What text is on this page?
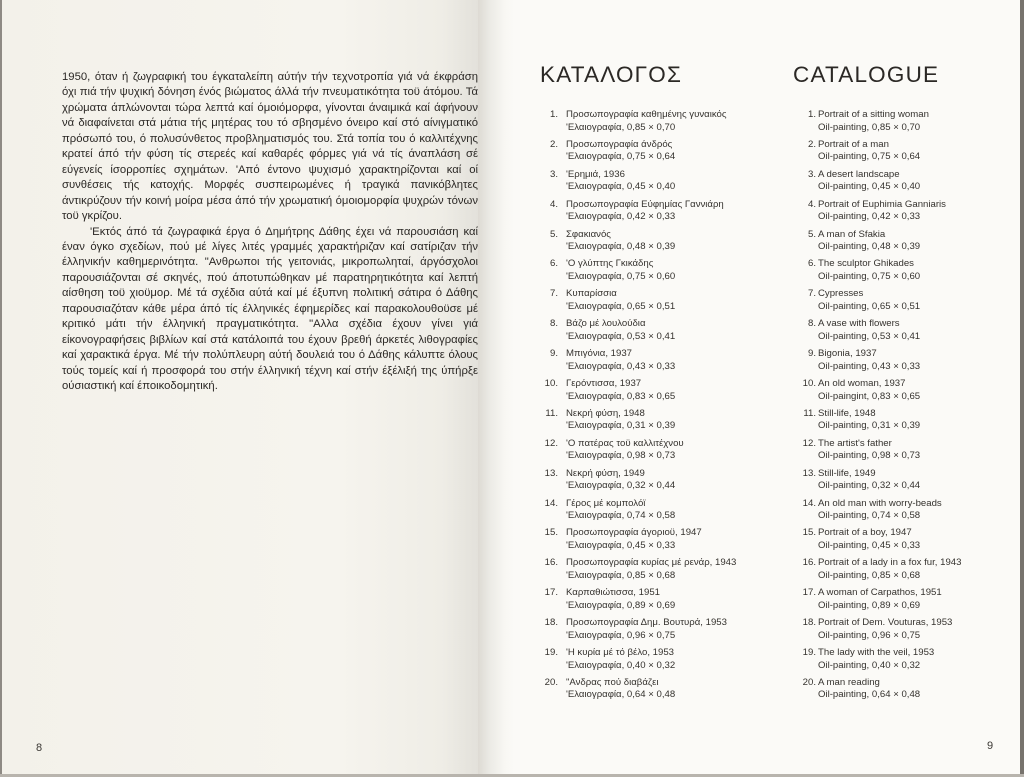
1950, όταν ή ζωγραφική του έγκαταλείπη αύτήν τήν τεχνοτροπία γιά νά έκφράση όχι πιά τήν ψυχική δόνηση ένός βιώματος άλλά τήν πνευματικότητα τοϋ άτόμου. Τά χρώματα άπλώνονται τώρα λεπτά καί όμοιόμορφα, γίνονται άναιμικά καί άφήνουν νά διαφαίνεται στά μάτια τής μητέρας του τό σβησμένο όνειρο καί στό αίνιγματικό πρόσωπό του, ό πολυσύνθετος προβληματισμός του. Στά τοπία του ό καλλιτέχνης κρατεί άπό τήν φύση τίς στερεές καί καθαρές φόρμες γιά νά τίς άναπλάση σέ εύγενείς ίσορροπίες σχημάτων. 'Από έντονο ψυχισμό χαρακτηρίζονται καί οί συνθέσεις τής κατοχής. Μορφές συσπειρωμένες ή τραγικά πανικόβλητες άντικρύζουν τήν κοινή μοίρα μέσα άπό τήν χρωματική όμοιομορφία ψυχρών τόνων τοϋ γκρίζου.

'Εκτός άπό τά ζωγραφικά έργα ό Δημήτρης Δάθης έχει νά παρουσιάση καί έναν όγκο σχεδίων, πού μέ λίγες λιτές γραμμές χαρακτήριζαν καί σατίριζαν τήν έλληνικήν καθημερινότητα. "Ανθρωποι τής γειτονιάς, μικροπωληταί, άργόσχολοι παρουσιάζονται σέ σκηνές, πού άποτυπώθηκαν μέ παρατηρητικότητα καί λεπτή αίσθηση τοϋ χιοϋμορ. Μέ τά σχέδια αύτά καί μέ έξυπνη πολιτική σάτιρα ό Δάθης παρουσιαζόταν κάθε μέρα άπό τίς έλληνικές έφημερίδες καί παρακολουθοϋσε μέ κριτικό μάτι τήν έλληνική πραγματικότητα. "Αλλα σχέδια έχουν γίνει γιά είκονογραφήσεις βιβλίων καί στά κατάλοιπά του έχουν βρεθή άρκετές λιθογραφίες καί χαρακτικά έργα. Μέ τήν πολύπλευρη αύτή δουλειά του ό Δάθης κάλυπτε όλους τούς τομείς καί ή προσφορά του στήν έλληνική τέχνη καί στήν έξέλιξή της ύπήρξε ούσιαστική καί έποικοδομητική.

8	9
ΚΑΤΑΛΟΓΟΣ	CATALOGUE
1. Προσωπογραφία καθημένης γυναικός
'Ελαιογραφία, 0,85 × 0,70
2. Προσωπογραφία άνδρός
'Ελαιογραφία, 0,75 × 0,64
3. 'Ερημιά, 1936
'Ελαιογραφία, 0,45 × 0,40
4. Προσωπογραφία Εύφημίας Γαννιάρη
'Ελαιογραφία, 0,42 × 0,33
5. Σφακιανός
'Ελαιογραφία, 0,48 × 0,39
6. 'Ο γλύπτης Γκικάδης
'Ελαιογραφία, 0,75 × 0,60
7. Κυπαρίσσια
'Ελαιογραφία, 0,65 × 0,51
8. Βάζο μέ λουλούδια
'Ελαιογραφία, 0,53 × 0,41
9. Μπιγόνια, 1937
'Ελαιογραφία, 0,43 × 0,33
10. Γερόντισσα, 1937
'Ελαιογραφία, 0,83 × 0,65
11. Νεκρή φύση, 1948
'Ελαιογραφία, 0,31 × 0,39
12. 'Ο πατέρας τοϋ καλλιτέχνου
'Ελαιογραφία, 0,98 × 0,73
13. Νεκρή φύση, 1949
'Ελαιογραφία, 0,32 × 0,44
14. Γέρος μέ κομπολόϊ
'Ελαιογραφία, 0,74 × 0,58
15. Προσωπογραφία άγοριοϋ, 1947
'Ελαιογραφία, 0,45 × 0,33
16. Προσωπογραφία κυρίας μέ ρενάρ, 1943
'Ελαιογραφία, 0,85 × 0,68
17. Καρπαθιώτισσα, 1951
'Ελαιογραφία, 0,89 × 0,69
18. Προσωπογραφία Δημ. Βουτυρά, 1953
'Ελαιογραφία, 0,96 × 0,75
19. 'Η κυρία μέ τό βέλο, 1953
'Ελαιογραφία, 0,40 × 0,32
20. "Ανδρας πού διαβάζει
'Ελαιογραφία, 0,64 × 0,48
1. Portrait of a sitting woman
Oil-painting, 0,85 × 0,70
2. Portrait of a man
Oil-painting, 0,75 × 0,64
3. A desert landscape
Oil-painting, 0,45 × 0,40
4. Portrait of Euphimia Ganniaris
Oil-painting, 0,42 × 0,33
5. A man of Sfakia
Oil-painting, 0,48 × 0,39
6. The sculptor Ghikades
Oil-painting, 0,75 × 0,60
7. Cypresses
Oil-painting, 0,65 × 0,51
8. A vase with flowers
Oil-painting, 0,53 × 0,41
9. Bigonia, 1937
Oil-painting, 0,43 × 0,33
10. An old woman, 1937
Oil-paingint, 0,83 × 0,65
11. Still-life, 1948
Oil-painting, 0,31 × 0,39
12. The artist's father
Oil-painting, 0,98 × 0,73
13. Still-life, 1949
Oil-painting, 0,32 × 0,44
14. An old man with worry-beads
Oil-painting, 0,74 × 0,58
15. Portrait of a boy, 1947
Oil-painting, 0,45 × 0,33
16. Portrait of a lady in a fox fur, 1943
Oil-painting, 0,85 × 0,68
17. A woman of Carpathos, 1951
Oil-painting, 0,89 × 0,69
18. Portrait of Dem. Vouturas, 1953
Oil-painting, 0,96 × 0,75
19. The lady with the veil, 1953
Oil-painting, 0,40 × 0,32
20. A man reading
Oil-painting, 0,64 × 0,48
